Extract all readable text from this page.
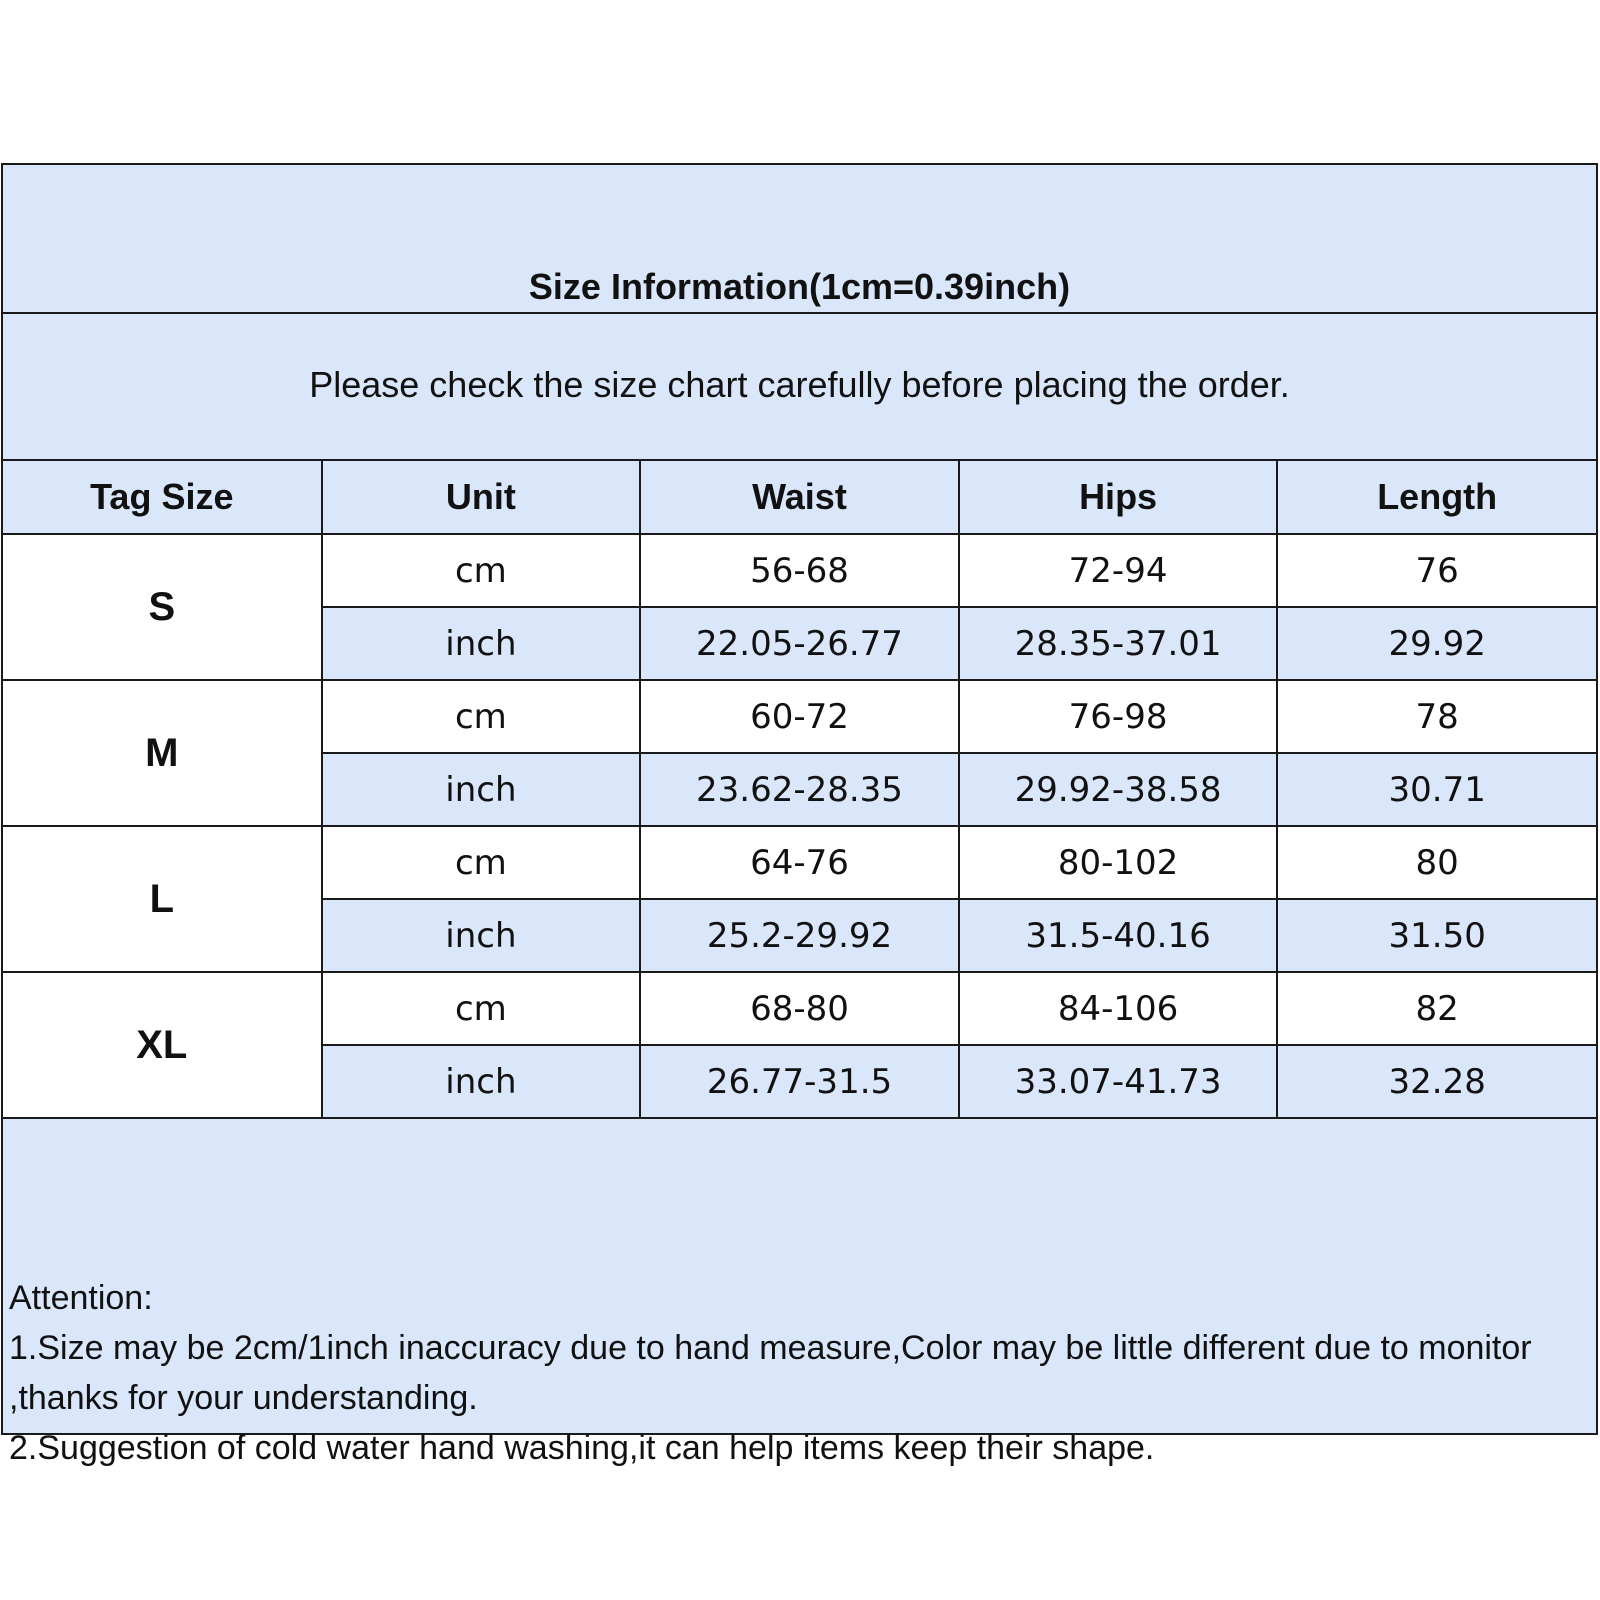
Size Information(1cm=0.39inch)
Please check the size chart carefully before placing the order.
Tag Size	Unit	Waist	Hips	Length
S	cm	56-68	72-94	76
	inch	22.05-26.77	28.35-37.01	29.92
M	cm	60-72	76-98	78
	inch	23.62-28.35	29.92-38.58	30.71
L	cm	64-76	80-102	80
	inch	25.2-29.92	31.5-40.16	31.50
XL	cm	68-80	84-106	82
	inch	26.77-31.5	33.07-41.73	32.28
Attention:
1.Size may be 2cm/1inch inaccuracy due to hand measure,Color may be little different due to monitor ,thanks for your understanding.
2.Suggestion of cold water hand washing,it can help items keep their shape.
